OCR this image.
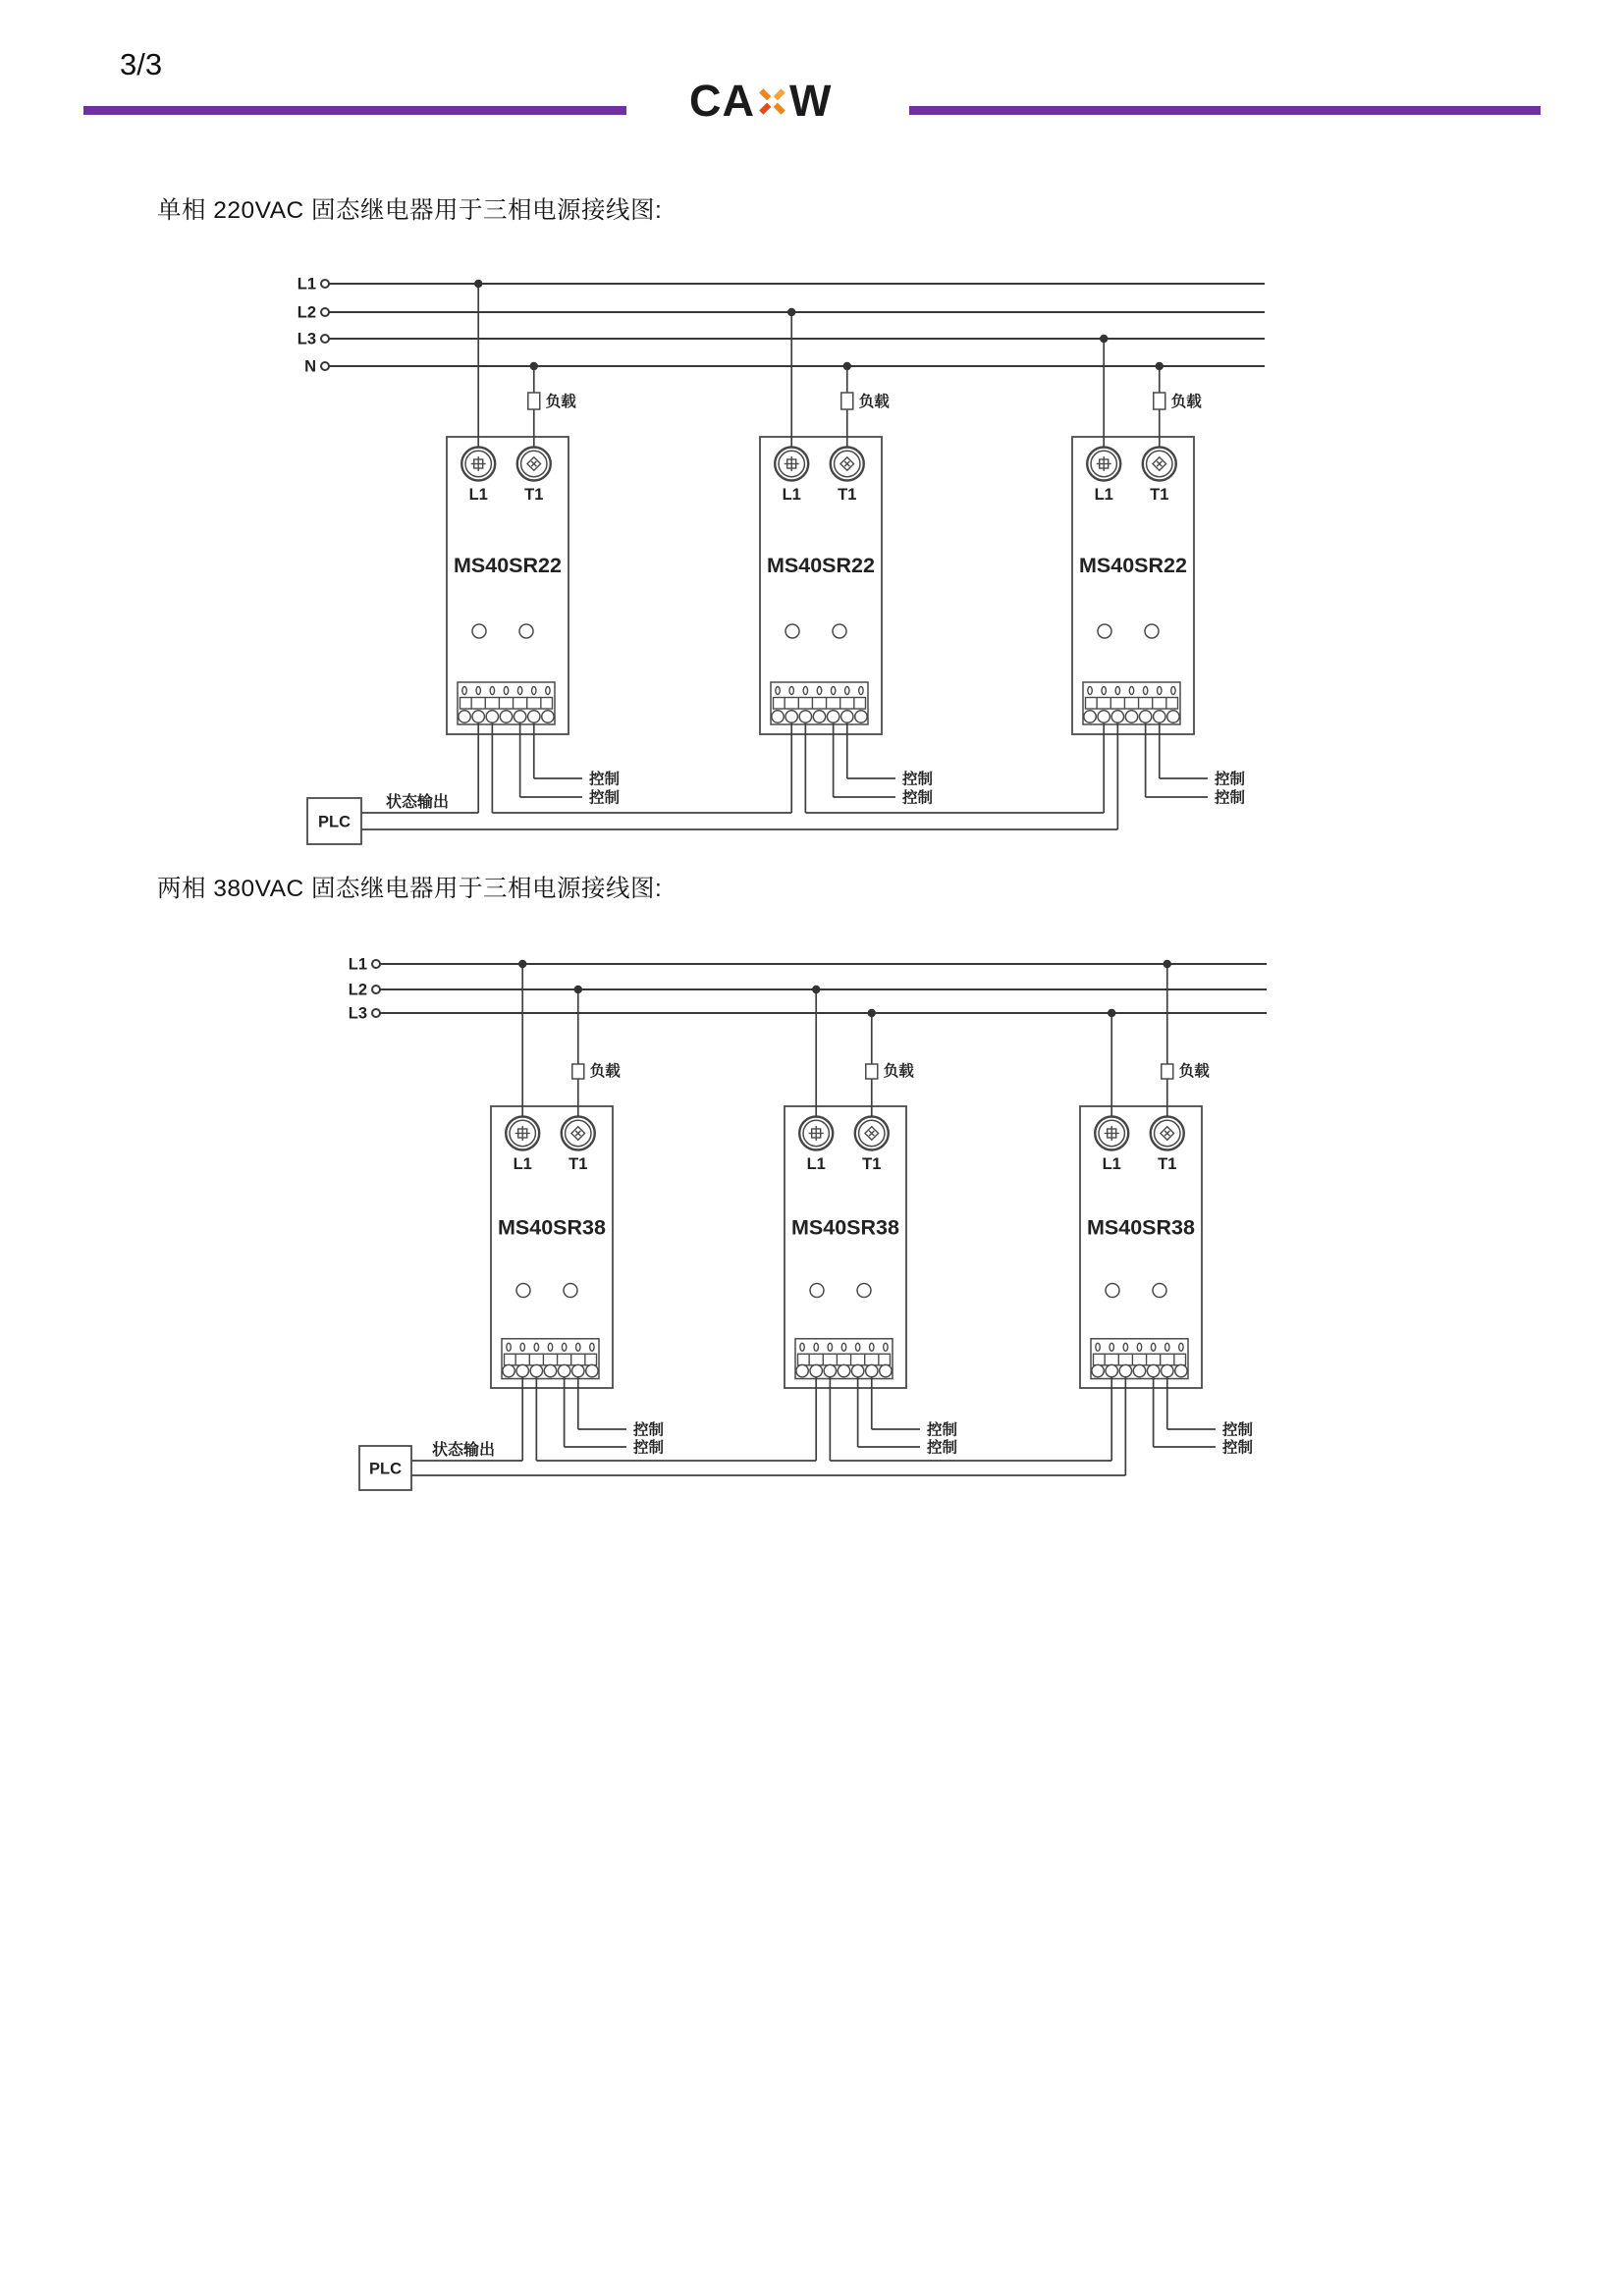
3/3
CA W
单相 220VAC 固态继电器用于三相电源接线图:
两相 380VAC 固态继电器用于三相电源接线图:
L1
L2
L3
N
L1 T1
MS40SR22
L1 T1
MS40SR22
L1 T1
MS40SR22
负载	负载	负载
控制
控制
控制
控制
控制
控制
PLC
状态输出
L1
L2
L3
L1 T1
MS40SR38
L1 T1
MS40SR38
L1 T1
MS40SR38
负载	负载	负载
控制
控制
控制
控制
控制
控制
PLC
状态输出
